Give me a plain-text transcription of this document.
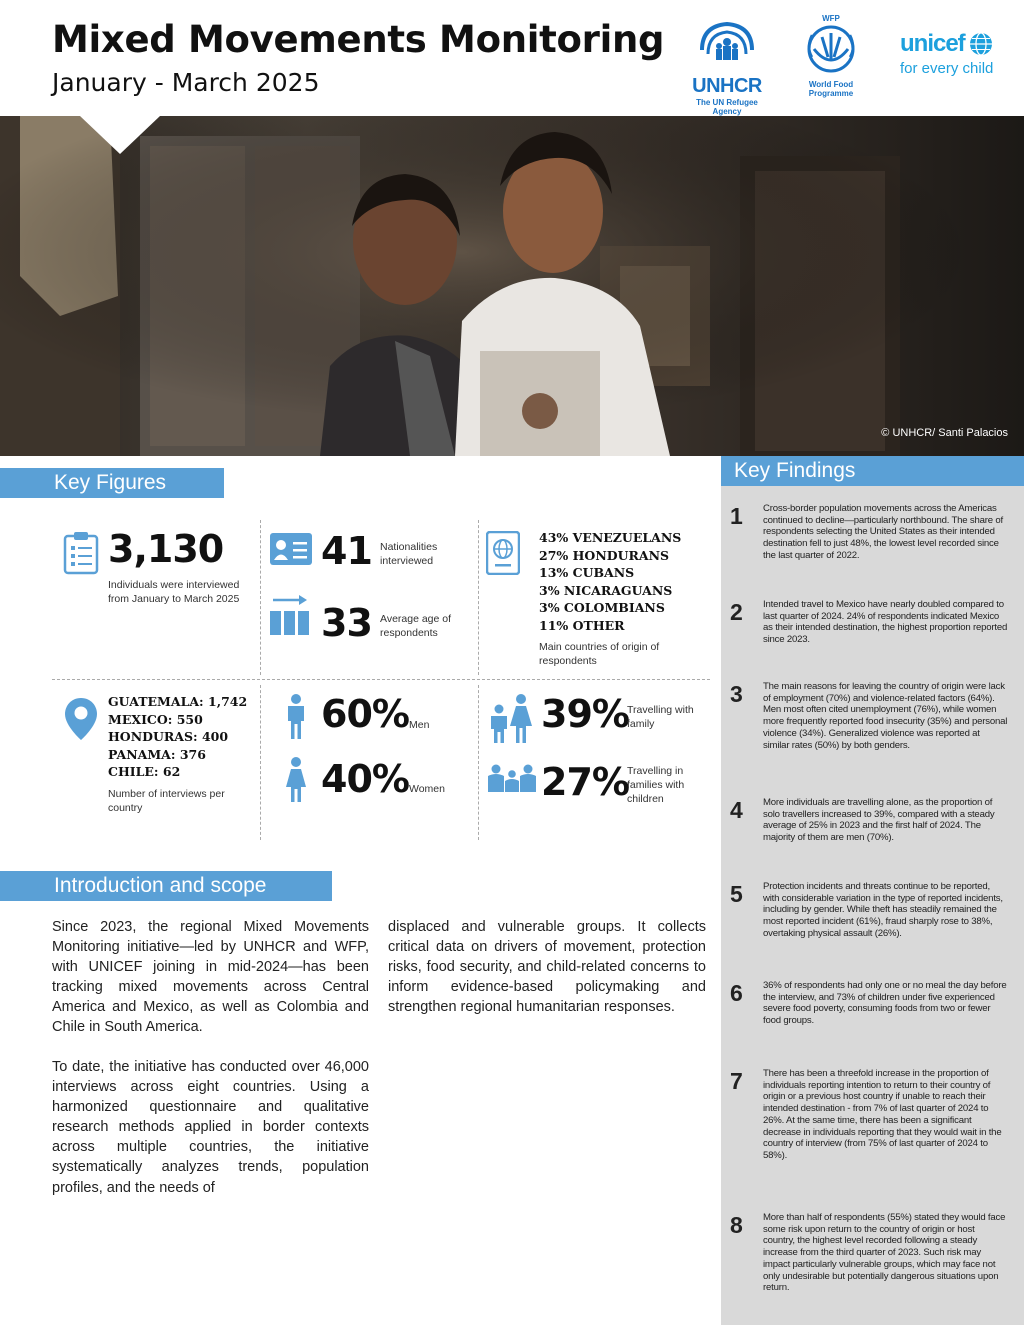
Mixed Movements Monitoring
January - March 2025	UNHCR
The UN Refugee Agency
WFP
World Food Programme
unicef
for every child
© UNHCR/ Santi Palacios
Key Figures
3,130
Individuals were interviewed from January to March 2025
41 Nationalities interviewed
33 Average age of respondents
43% VENEZUELANS
27% HONDURANS
13% CUBANS
3% NICARAGUANS
3% COLOMBIANS
11% OTHER
Main countries of origin of respondents
GUATEMALA: 1,742
MEXICO: 550
HONDURAS: 400
PANAMA: 376
CHILE: 62
Number of interviews per country
60% Men
40% Women
39%
Travelling with family
27%
Travelling in families with children
Introduction and scope
Since 2023, the regional Mixed Movements Monitoring initiative—led by UNHCR and WFP, with UNICEF joining in mid-2024—has been tracking mixed movements across Central America and Mexico, as well as Colombia and Chile in South America.
To date, the initiative has conducted over 46,000 interviews across eight countries. Using a harmonized questionnaire and qualitative research methods applied in border contexts across multiple countries, the initiative systematically analyzes trends, population profiles, and the needs of
displaced and vulnerable groups. It collects critical data on drivers of movement, protection risks, food security, and child-related concerns to inform evidence-based policymaking and strengthen regional humanitarian responses.
Key Findings
1 Cross-border population movements across the Americas continued to decline—particularly northbound. The share of respondents selecting the United States as their intended destination fell to just 48%, the lowest level recorded since the last quarter of 2022.
2 Intended travel to Mexico have nearly doubled compared to last quarter of 2024. 24% of respondents indicated Mexico as their intended destination, the highest proportion reported since 2023.
3 The main reasons for leaving the country of origin were lack of employment (70%) and violence-related factors (64%). Men most often cited unemployment (76%), while women more frequently reported food insecurity (35%) and personal violence (34%). Generalized violence was reported at similar rates (50%) by both genders.
4 More individuals are travelling alone, as the proportion of solo travellers increased to 39%, compared with a steady average of 25% in 2023 and the first half of 2024. The majority of them are men (70%).
5 Protection incidents and threats continue to be reported, with considerable variation in the type of reported incidents, including by gender. While theft has steadily remained the most reported incident (61%), fraud sharply rose to 38%, overtaking physical assault (26%).
6 36% of respondents had only one or no meal the day before the interview, and 73% of children under five experienced severe food poverty, consuming foods from two or fewer food groups.
7 There has been a threefold increase in the proportion of individuals reporting intention to return to their country of origin or a previous host country if unable to reach their intended destination - from 7% of last quarter of 2024 to 26%. At the same time, there has been a significant decrease in individuals reporting that they would wait in the country of interview (from 75% of last quarter of 2024 to 58%).
8 More than half of respondents (55%) stated they would face some risk upon return to the country of origin or host country, the highest level recorded following a steady increase from the third quarter of 2023. Such risk may impact particularly vulnerable groups, which may face not only undesirable but potentially dangerous situations upon return.
